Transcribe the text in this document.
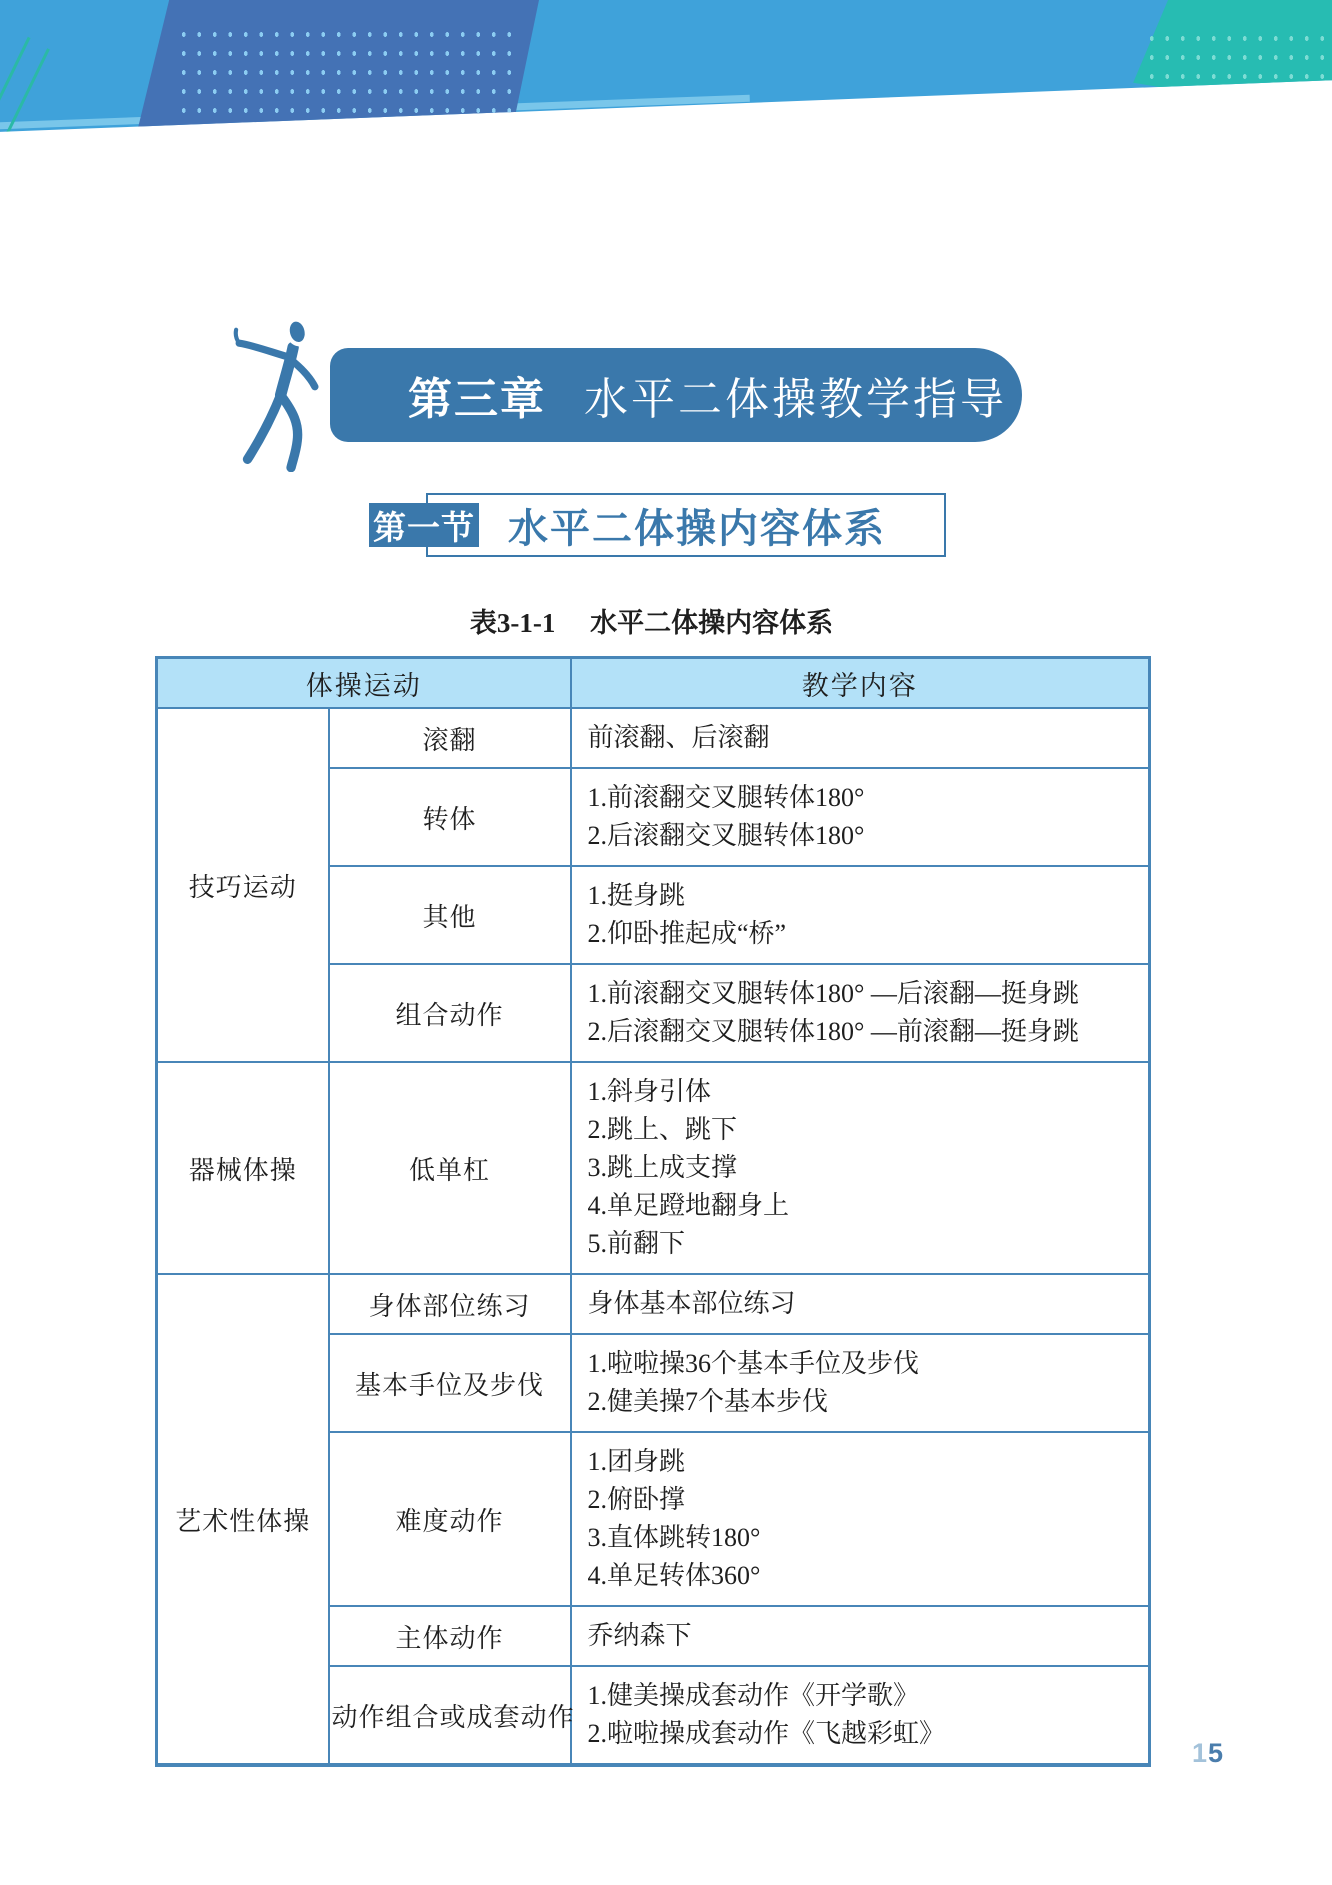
第三章 水平二体操教学指导
水平二体操内容体系
第一节
表3-1-1 水平二体操内容体系
体操运动		教学内容
技巧运动	滚翻	前滚翻、后滚翻

	转体	1.前滚翻交叉腿转体180°
2.后滚翻交叉腿转体180°

	其他	1.挺身跳
2.仰卧推起成“桥”

	组合动作	1.前滚翻交叉腿转体180° —后滚翻—挺身跳
2.后滚翻交叉腿转体180° —前滚翻—挺身跳

器械体操	低单杠	1.斜身引体
2.跳上、跳下
3.跳上成支撑
4.单足蹬地翻身上
5.前翻下

艺术性体操	身体部位练习	身体基本部位练习

	基本手位及步伐	1.啦啦操36个基本手位及步伐
2.健美操7个基本步伐

	难度动作	1.团身跳
2.俯卧撑
3.直体跳转180°
4.单足转体360°

	主体动作	乔纳森下

	动作组合或成套动作	1.健美操成套动作《开学歌》
2.啦啦操成套动作《飞越彩虹》
15
